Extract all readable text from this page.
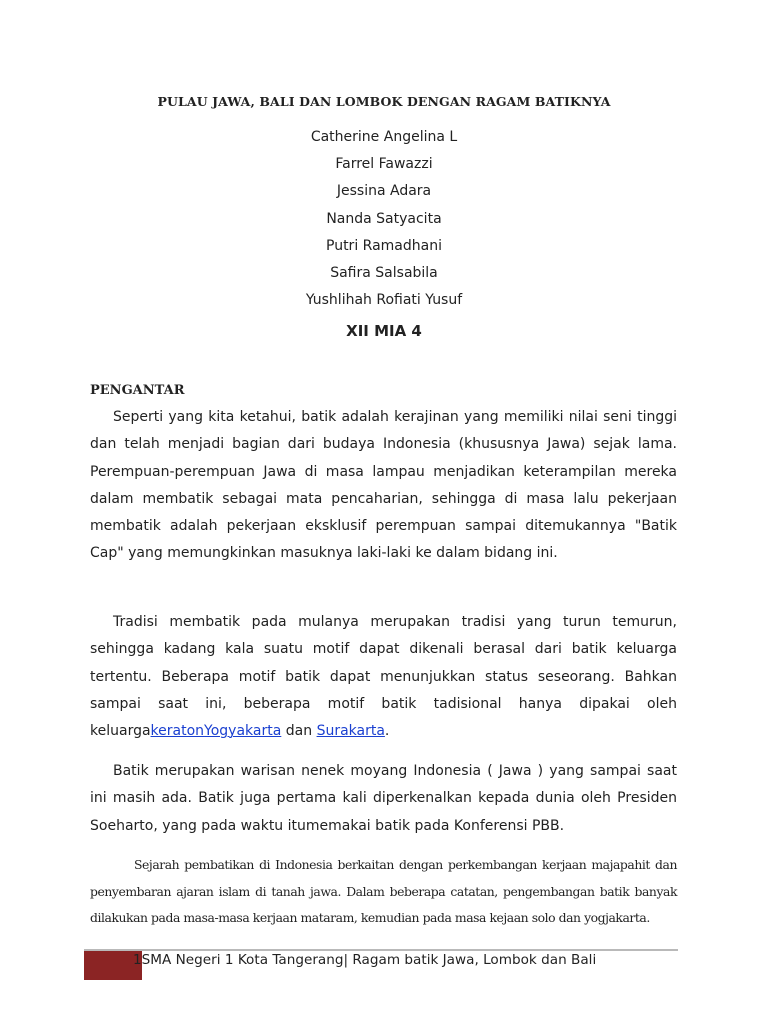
PULAU JAWA, BALI DAN LOMBOK DENGAN RAGAM BATIKNYA
Catherine Angelina L
Farrel Fawazzi
Jessina Adara
Nanda Satyacita
Putri Ramadhani
Safira Salsabila
Yushlihah Rofiati Yusuf
XII MIA 4
PENGANTAR

Seperti yang kita ketahui, batik adalah kerajinan yang memiliki nilai seni tinggi dan telah menjadi bagian dari budaya Indonesia (khususnya Jawa) sejak lama. Perempuan-perempuan Jawa di masa lampau menjadikan keterampilan mereka dalam membatik sebagai mata pencaharian, sehingga di masa lalu pekerjaan membatik adalah pekerjaan eksklusif perempuan sampai ditemukannya "Batik Cap" yang memungkinkan masuknya laki-laki ke dalam bidang ini.

Tradisi membatik pada mulanya merupakan tradisi yang turun temurun, sehingga kadang kala suatu motif dapat dikenali berasal dari batik keluarga tertentu. Beberapa motif batik dapat menunjukkan status seseorang. Bahkan sampai saat ini, beberapa motif batik tadisional hanya dipakai oleh keluargakeratonYogyakarta dan Surakarta.

Batik merupakan warisan nenek moyang Indonesia ( Jawa ) yang sampai saat ini masih ada. Batik juga pertama kali diperkenalkan kepada dunia oleh Presiden Soeharto, yang pada waktu itumemakai batik pada Konferensi PBB.

Sejarah pembatikan di Indonesia berkaitan dengan perkembangan kerjaan majapahit dan penyembaran ajaran islam di tanah jawa. Dalam beberapa catatan, pengembangan batik banyak dilakukan pada masa-masa kerjaan mataram, kemudian pada masa kejaan solo dan yogjakarta.

1SMA Negeri 1 Kota Tangerang| Ragam batik Jawa, Lombok dan Bali
